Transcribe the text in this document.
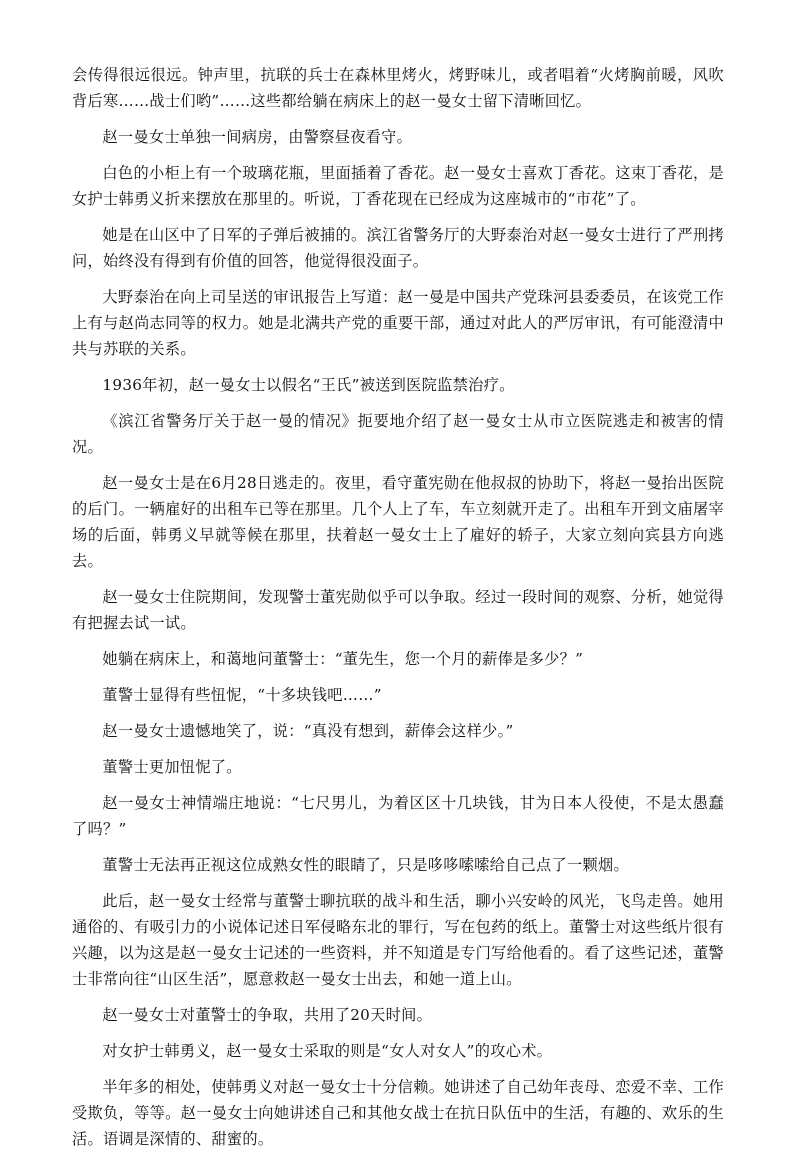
会传得很远很远。钟声里，抗联的兵士在森林里烤火，烤野味儿，或者唱着“火烤胸前暖，风吹背后寒……战士们哟”……这些都给躺在病床上的赵一曼女士留下清晰回忆。

赵一曼女士单独一间病房，由警察昼夜看守。

白色的小柜上有一个玻璃花瓶，里面插着了香花。赵一曼女士喜欢丁香花。这束丁香花，是女护士韩勇义折来摆放在那里的。听说，丁香花现在已经成为这座城市的“市花”了。

她是在山区中了日军的子弹后被捕的。滨江省警务厅的大野泰治对赵一曼女士进行了严刑拷问，始终没有得到有价值的回答，他觉得很没面子。

大野泰治在向上司呈送的审讯报告上写道：赵一曼是中国共产党珠河县委委员，在该党工作上有与赵尚志同等的权力。她是北满共产党的重要干部，通过对此人的严厉审讯，有可能澄清中共与苏联的关系。

1936年初，赵一曼女士以假名“王氏”被送到医院监禁治疗。

《滨江省警务厅关于赵一曼的情况》扼要地介绍了赵一曼女士从市立医院逃走和被害的情况。

赵一曼女士是在6月28日逃走的。夜里，看守董宪勋在他叔叔的协助下，将赵一曼抬出医院的后门。一辆雇好的出租车已等在那里。几个人上了车，车立刻就开走了。出租车开到文庙屠宰场的后面，韩勇义早就等候在那里，扶着赵一曼女士上了雇好的轿子，大家立刻向宾县方向逃去。

赵一曼女士住院期间，发现警士董宪勋似乎可以争取。经过一段时间的观察、分析，她觉得有把握去试一试。

她躺在病床上，和蔼地问董警士：“董先生，您一个月的薪俸是多少？”

董警士显得有些忸怩，“十多块钱吧……”

赵一曼女士遗憾地笑了，说：“真没有想到，薪俸会这样少。”

董警士更加忸怩了。

赵一曼女士神情端庄地说：“七尺男儿，为着区区十几块钱，甘为日本人役使，不是太愚蠢了吗？”

董警士无法再正视这位成熟女性的眼睛了，只是哆哆嗦嗦给自己点了一颗烟。

此后，赵一曼女士经常与董警士聊抗联的战斗和生活，聊小兴安岭的风光，飞鸟走兽。她用通俗的、有吸引力的小说体记述日军侵略东北的罪行，写在包药的纸上。董警士对这些纸片很有兴趣，以为这是赵一曼女士记述的一些资料，并不知道是专门写给他看的。看了这些记述，董警士非常向往“山区生活”，愿意救赵一曼女士出去，和她一道上山。

赵一曼女士对董警士的争取，共用了20天时间。

对女护士韩勇义，赵一曼女士采取的则是“女人对女人”的攻心术。

半年多的相处，使韩勇义对赵一曼女士十分信赖。她讲述了自己幼年丧母、恋爱不幸、工作受欺负，等等。赵一曼女士向她讲述自己和其他女战士在抗日队伍中的生活，有趣的、欢乐的生活。语调是深情的、甜蜜的。
